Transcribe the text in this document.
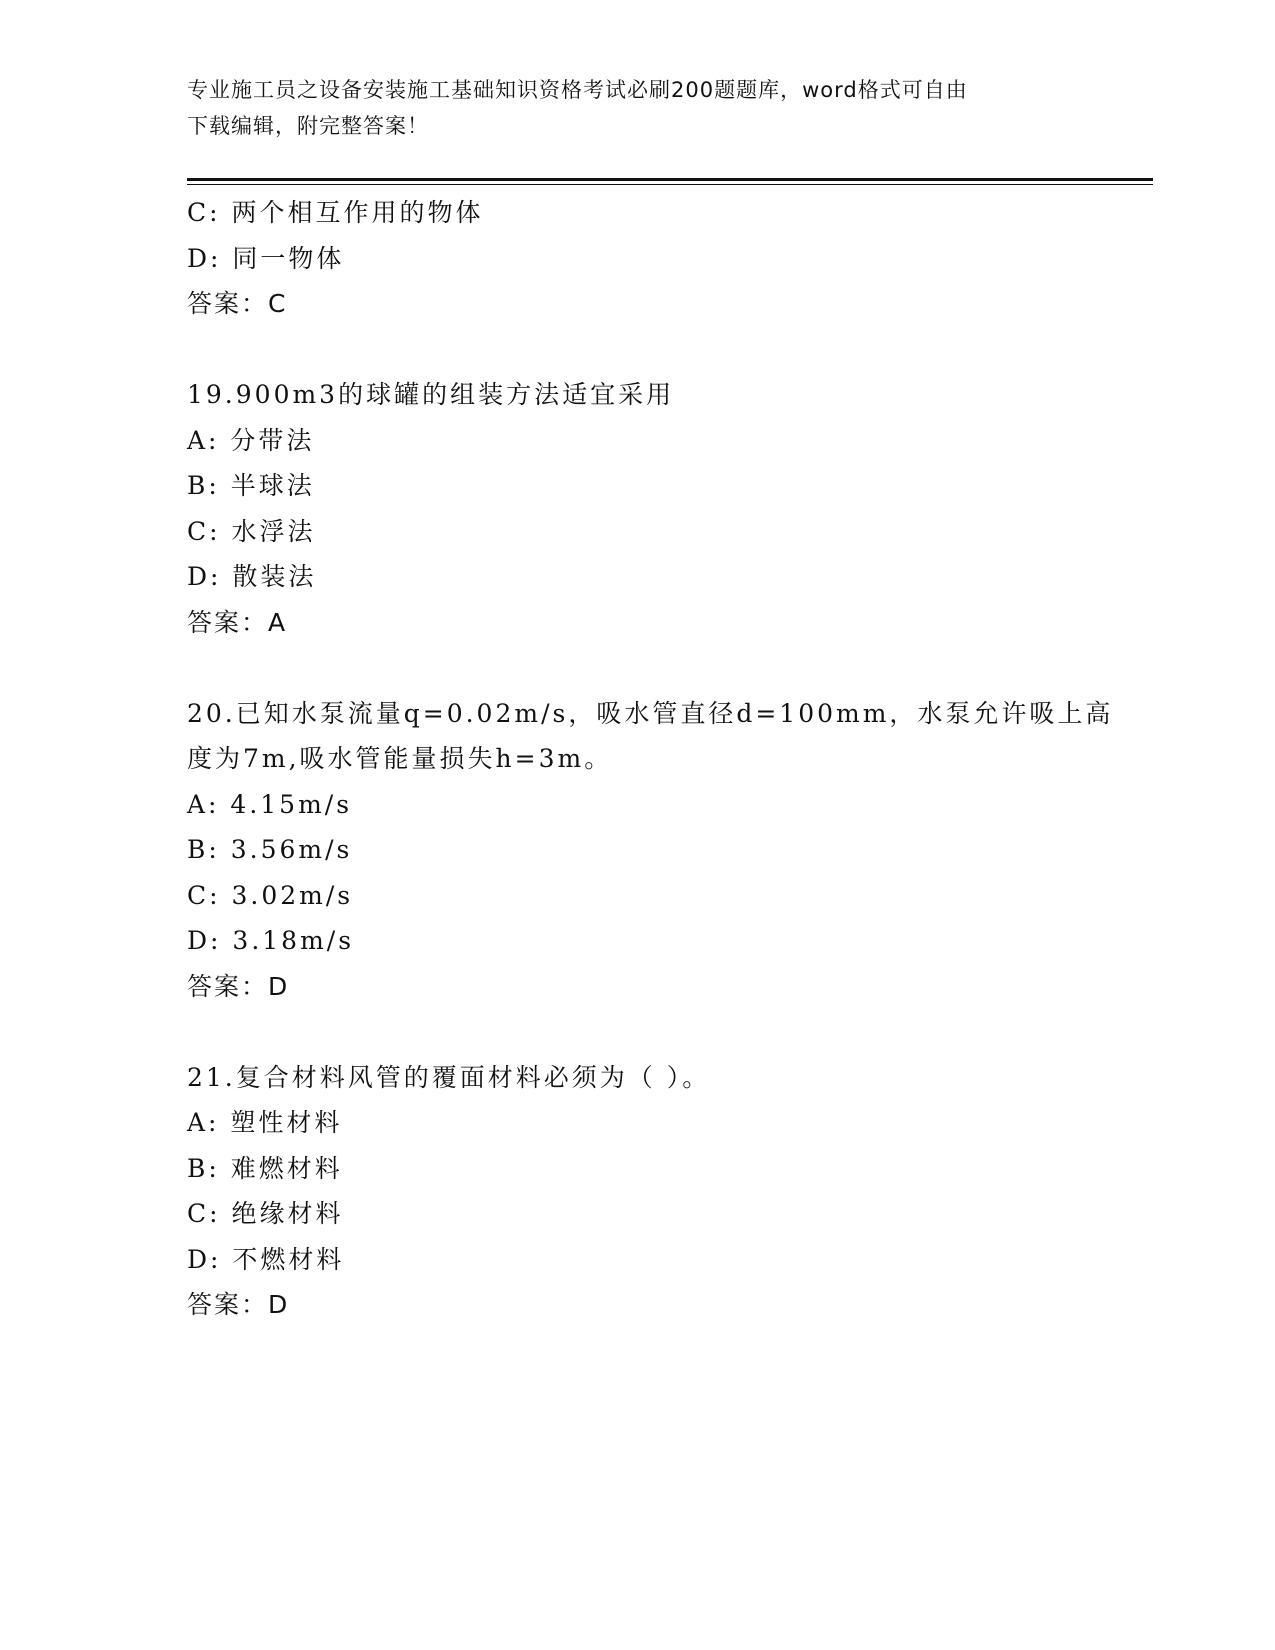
专业施工员之设备安装施工基础知识资格考试必刷200题题库，word格式可自由
下载编辑，附完整答案！
C: 两个相互作用的物体
D: 同一物体
答案：C
19.900m3的球罐的组装方法适宜采用
A: 分带法
B: 半球法
C: 水浮法
D: 散装法
答案：A
20.已知水泵流量q=0.02m/s，吸水管直径d=100mm，水泵允许吸上高
度为7m,吸水管能量损失h=3m。
A: 4.15m/s
B: 3.56m/s
C: 3.02m/s
D: 3.18m/s
答案：D
21.复合材料风管的覆面材料必须为（ ）。
A: 塑性材料
B: 难燃材料
C: 绝缘材料
D: 不燃材料
答案：D
